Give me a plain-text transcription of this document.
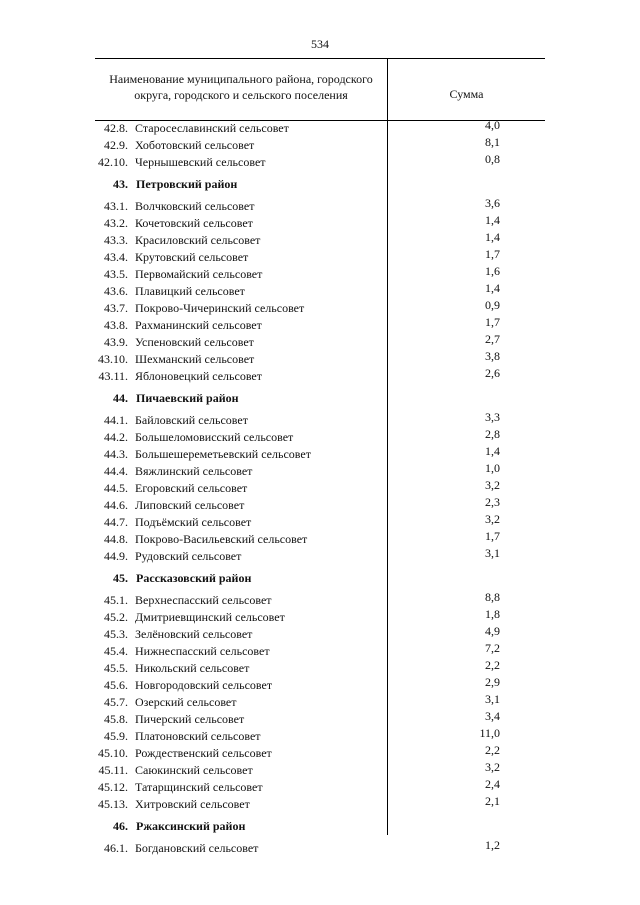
534
Наименование муниципального района, городского
округа, городского и сельского поселения	Сумма
42.8. Старосеславинский сельсовет	4,0
42.9. Хоботовский сельсовет	8,1
42.10. Чернышевский сельсовет	0,8
43. Петровский район
43.1. Волчковский сельсовет	3,6
43.2. Кочетовский сельсовет	1,4
43.3. Красиловский сельсовет	1,4
43.4. Крутовский сельсовет	1,7
43.5. Первомайский сельсовет	1,6
43.6. Плавицкий сельсовет	1,4
43.7. Покрово-Чичеринский сельсовет	0,9
43.8. Рахманинский сельсовет	1,7
43.9. Успеновский сельсовет	2,7
43.10. Шехманский сельсовет	3,8
43.11. Яблоновецкий сельсовет	2,6
44. Пичаевский район
44.1. Байловский сельсовет	3,3
44.2. Большеломовисский сельсовет	2,8
44.3. Большешереметьевский сельсовет	1,4
44.4. Вяжлинский сельсовет	1,0
44.5. Егоровский сельсовет	3,2
44.6. Липовский сельсовет	2,3
44.7. Подъёмский сельсовет	3,2
44.8. Покрово-Васильевский сельсовет	1,7
44.9. Рудовский сельсовет	3,1
45. Рассказовский район
45.1. Верхнеспасский сельсовет	8,8
45.2. Дмитриевщинский сельсовет	1,8
45.3. Зелёновский сельсовет	4,9
45.4. Нижнеспасский сельсовет	7,2
45.5. Никольский сельсовет	2,2
45.6. Новгородовский сельсовет	2,9
45.7. Озерский сельсовет	3,1
45.8. Пичерский сельсовет	3,4
45.9. Платоновский сельсовет	11,0
45.10. Рождественский сельсовет	2,2
45.11. Саюкинский сельсовет	3,2
45.12. Татарщинский сельсовет	2,4
45.13. Хитровский сельсовет	2,1
46. Ржаксинский район
46.1. Богдановский сельсовет	1,2
